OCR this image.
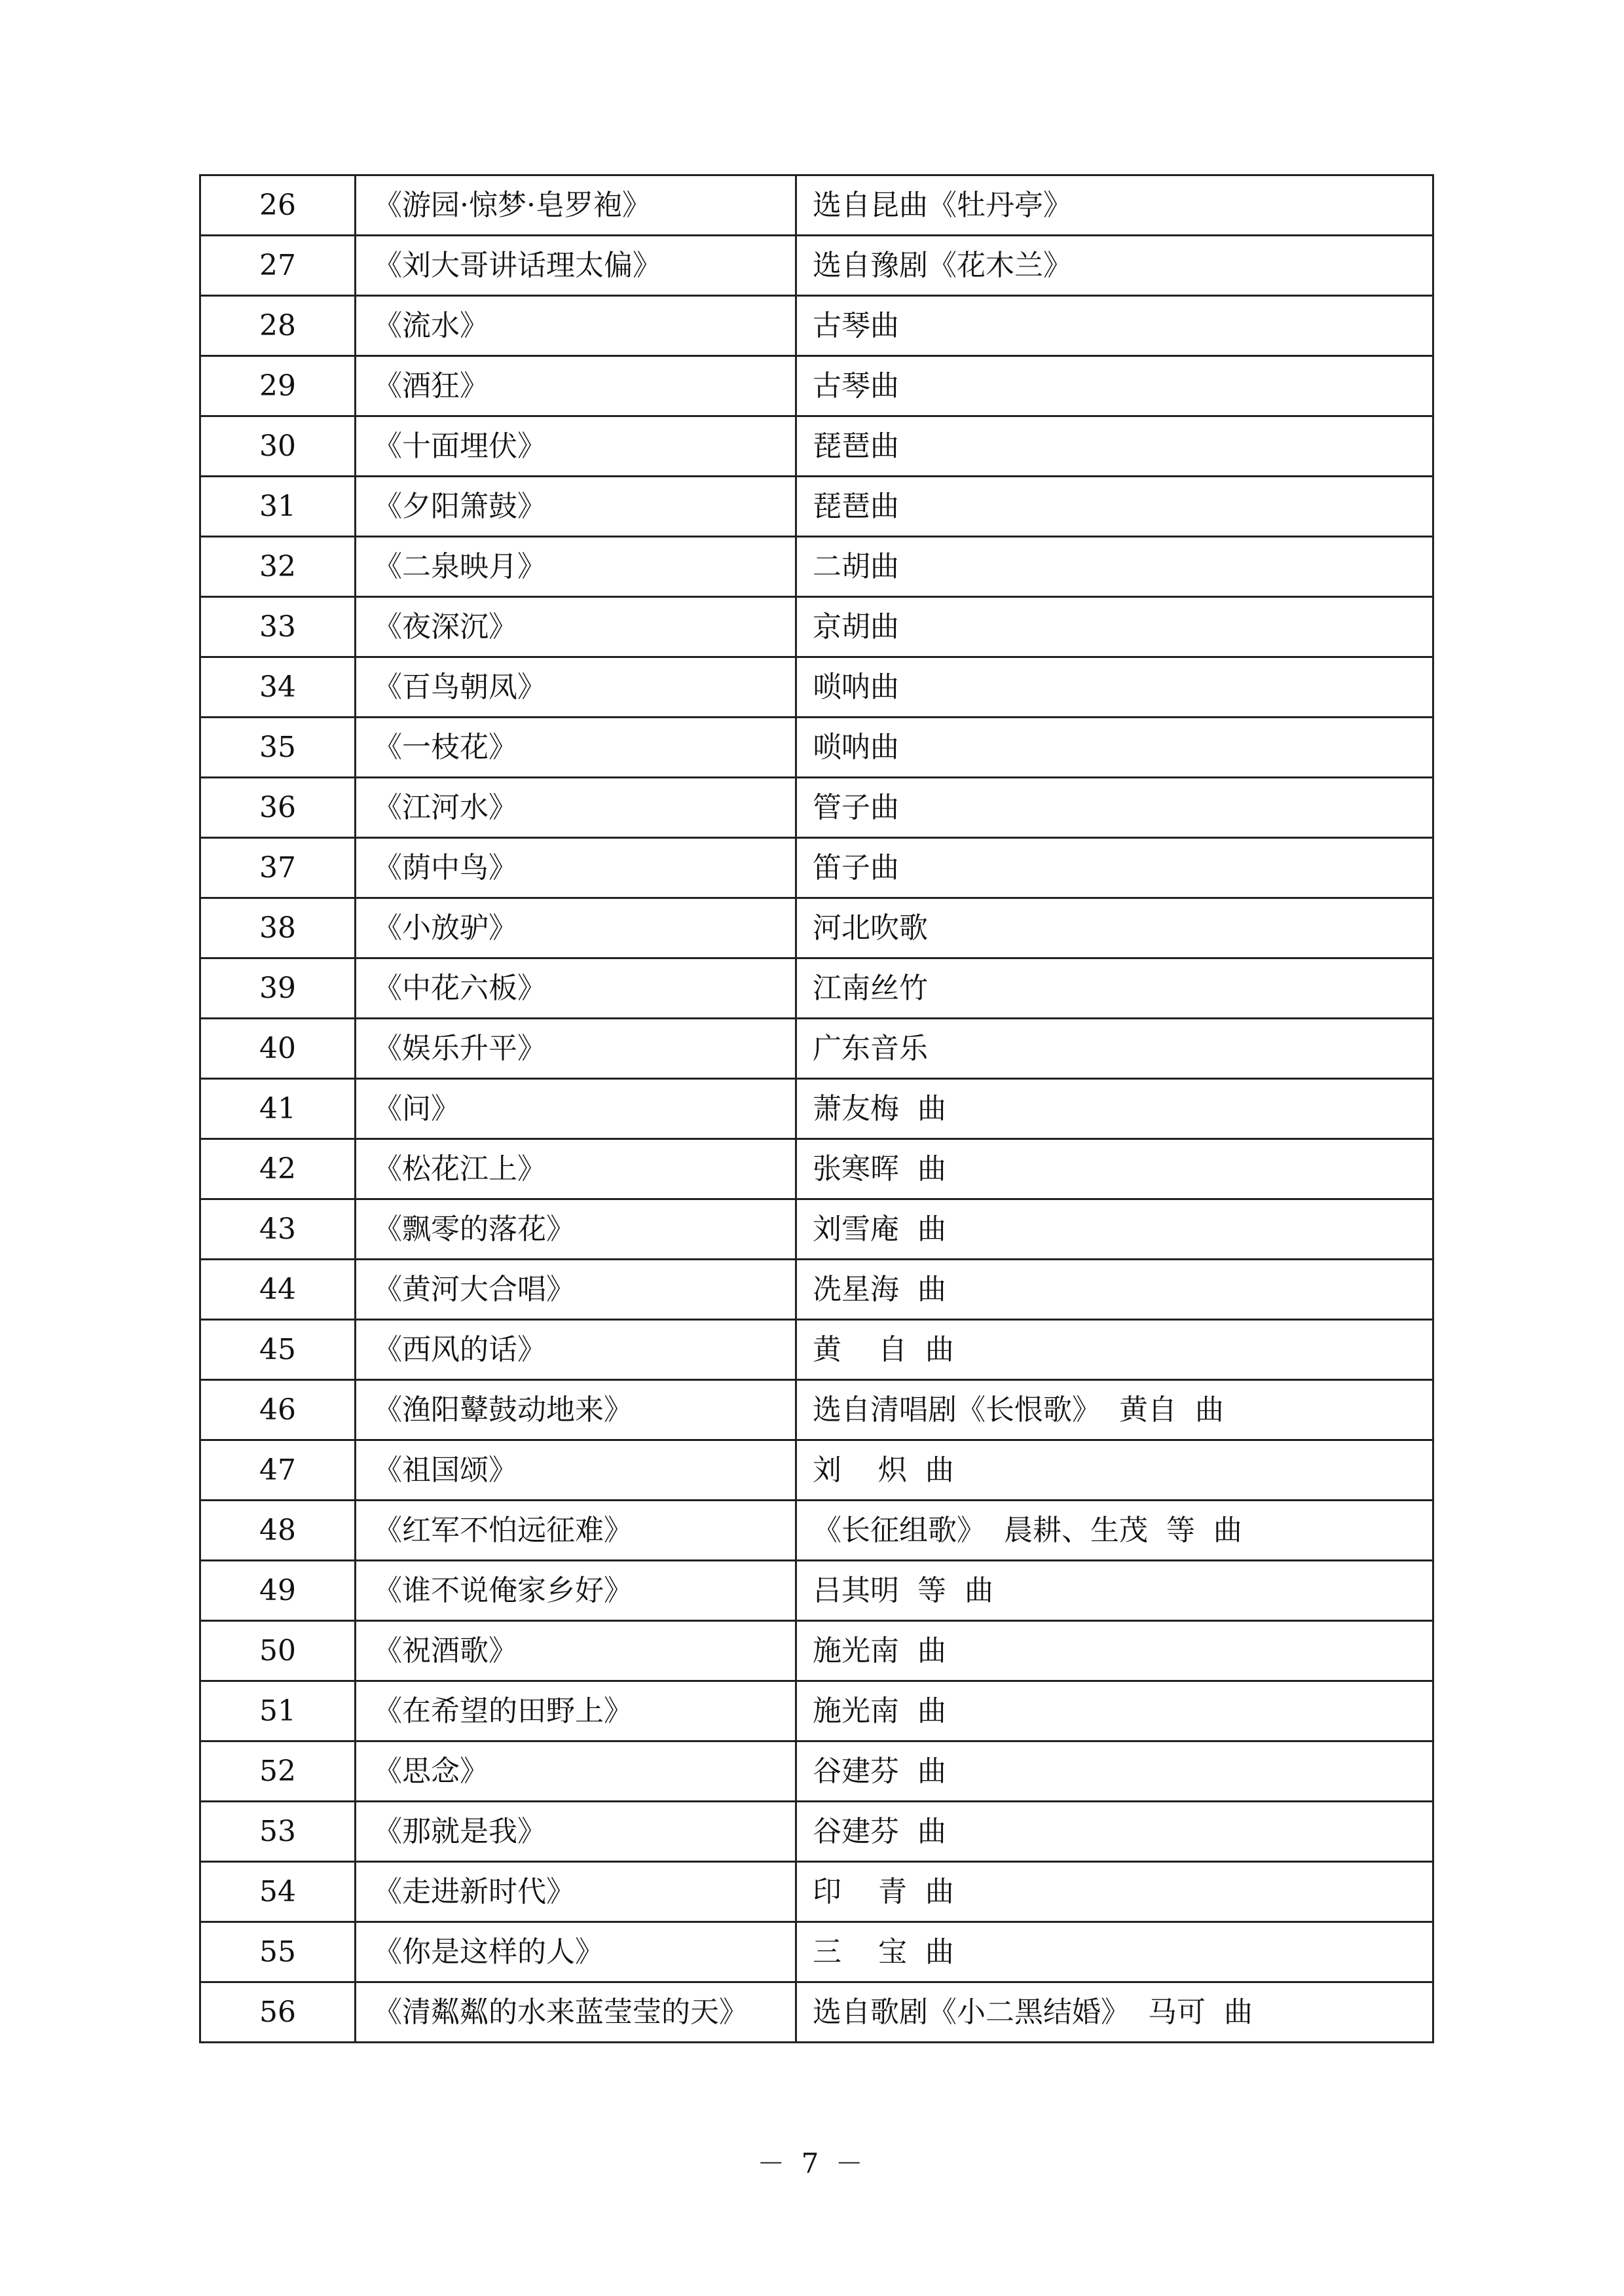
26	《游园·惊梦·皂罗袍》	选自昆曲《牡丹亭》
27	《刘大哥讲话理太偏》	选自豫剧《花木兰》
28	《流水》	古琴曲
29	《酒狂》	古琴曲
30	《十面埋伏》	琵琶曲
31	《夕阳箫鼓》	琵琶曲
32	《二泉映月》	二胡曲
33	《夜深沉》	京胡曲
34	《百鸟朝凤》	唢呐曲
35	《一枝花》	唢呐曲
36	《江河水》	管子曲
37	《荫中鸟》	笛子曲
38	《小放驴》	河北吹歌
39	《中花六板》	江南丝竹
40	《娱乐升平》	广东音乐
41	《问》	萧友梅  曲
42	《松花江上》	张寒晖  曲
43	《飘零的落花》	刘雪庵  曲
44	《黄河大合唱》	冼星海  曲
45	《西风的话》	黄    自  曲
46	《渔阳鼙鼓动地来》	选自清唱剧《长恨歌》  黄自  曲
47	《祖国颂》	刘    炽  曲
48	《红军不怕远征难》	《长征组歌》  晨耕、生茂  等  曲
49	《谁不说俺家乡好》	吕其明  等  曲
50	《祝酒歌》	施光南  曲
51	《在希望的田野上》	施光南  曲
52	《思念》	谷建芬  曲
53	《那就是我》	谷建芬  曲
54	《走进新时代》	印    青  曲
55	《你是这样的人》	三    宝  曲
56	《清粼粼的水来蓝莹莹的天》	选自歌剧《小二黑结婚》  马可  曲
－ 7 －
